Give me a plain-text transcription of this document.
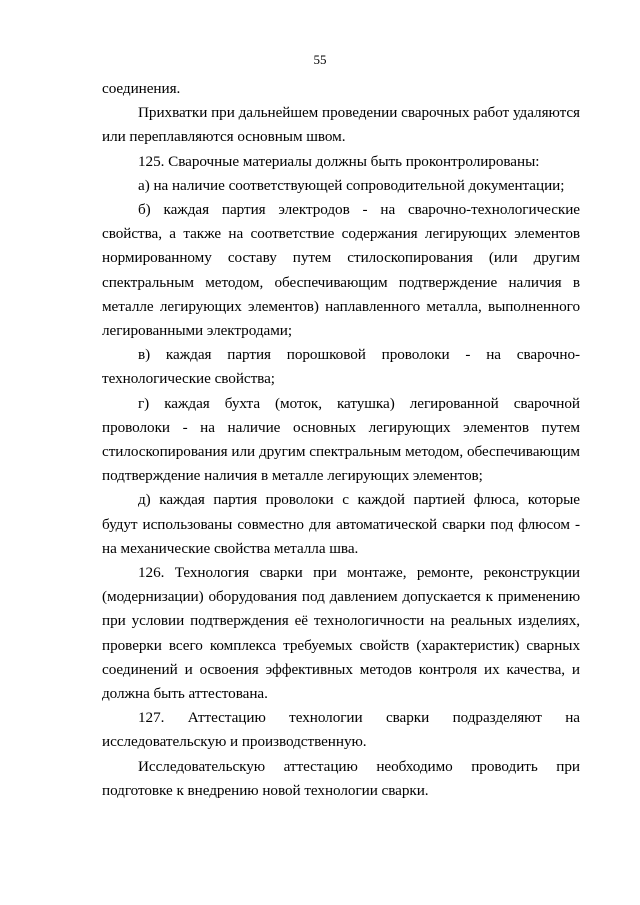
55

соединения.

Прихватки при дальнейшем проведении сварочных работ удаляются или переплавляются основным швом.

125. Сварочные материалы должны быть проконтролированы:

а) на наличие соответствующей сопроводительной документации;

б) каждая партия электродов - на сварочно-технологические свойства, а также на соответствие содержания легирующих элементов нормированному составу путем стилоскопирования (или другим спектральным методом, обеспечивающим подтверждение наличия в металле легирующих элементов) наплавленного металла, выполненного легированными электродами;

в) каждая партия порошковой проволоки - на сварочно-технологические свойства;

г) каждая бухта (моток, катушка) легированной сварочной проволоки - на наличие основных легирующих элементов путем стилоскопирования или другим спектральным методом, обеспечивающим подтверждение наличия в металле легирующих элементов;

д) каждая партия проволоки с каждой партией флюса, которые будут использованы совместно для автоматической сварки под флюсом - на механические свойства металла шва.

126. Технология сварки при монтаже, ремонте, реконструкции (модернизации) оборудования под давлением допускается к применению при условии подтверждения её технологичности на реальных изделиях, проверки всего комплекса требуемых свойств (характеристик) сварных соединений и освоения эффективных методов контроля их качества, и должна быть аттестована.

127. Аттестацию технологии сварки подразделяют на исследовательскую и производственную.

Исследовательскую аттестацию необходимо проводить при подготовке к внедрению новой технологии сварки.
